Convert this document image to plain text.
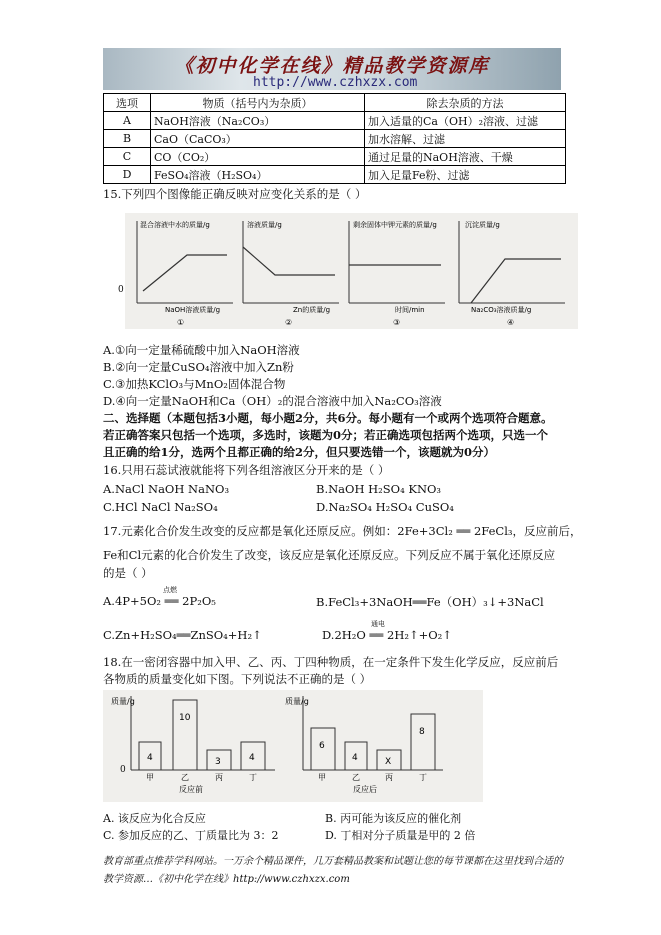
《初中化学在线》精品教学资源库
http://www.czhxzx.com
选项	物质（括号内为杂质）	除去杂质的方法
A	NaOH溶液（Na₂CO₃）	加入适量的Ca（OH）₂溶液、过滤
B	CaO（CaCO₃）	加水溶解、过滤
C	CO（CO₂）	通过足量的NaOH溶液、干燥
D	FeSO₄溶液（H₂SO₄）	加入足量Fe粉、过滤
15.下列四个图像能正确反映对应变化关系的是（ ）
混合溶液中水的质量/g
NaOH溶液质量/g
①
溶液质量/g
Zn的质量/g
②
剩余固体中钾元素的质量/g
时间/min
③
沉淀质量/g
Na₂CO₃溶液质量/g
④
0
A.①向一定量稀硫酸中加入NaOH溶液
B.②向一定量CuSO₄溶液中加入Zn粉
C.③加热KClO₃与MnO₂固体混合物
D.④向一定量NaOH和Ca（OH）₂的混合溶液中加入Na₂CO₃溶液
二、选择题（本题包括3小题，每小题2分，共6分。每小题有一个或两个选项符合题意。
若正确答案只包括一个选项，多选时，该题为0分；若正确选项包括两个选项，只选一个
且正确的给1分，选两个且都正确的给2分，但只要选错一个，该题就为0分）
16.只用石蕊试液就能将下列各组溶液区分开来的是（ ）
A.NaCl NaOH NaNO₃	B.NaOH H₂SO₄ KNO₃
C.HCl NaCl Na₂SO₄	D.Na₂SO₄ H₂SO₄ CuSO₄
17.元素化合价发生改变的反应都是氧化还原反应。例如：2Fe+3Cl₂ ══ 2FeCl₃，反应前后，
Fe和Cl元素的化合价发生了改变，该反应是氧化还原反应。下列反应不属于氧化还原反应
的是（ ）
A.4P+5O₂ ══ 2P₂O₅
点燃
B.FeCl₃+3NaOH══Fe（OH）₃↓+3NaCl
C.Zn+H₂SO₄══ZnSO₄+H₂↑	D.2H₂O ══ 2H₂↑+O₂↑
通电
18.在一密闭容器中加入甲、乙、丙、丁四种物质，在一定条件下发生化学反应，反应前后
各物质的质量变化如下图。下列说法不正确的是（ ）
质量/g
4
10
3	4
甲	乙	丙	丁
反应前
质量/g
6
4	X
8
甲	乙	丙	丁
反应后
0
A. 该反应为化合反应	B. 丙可能为该反应的催化剂
C. 参加反应的乙、丁质量比为 3：2	D. 丁相对分子质量是甲的 2 倍
教育部重点推荐学科网站。一万余个精品课件，几万套精品教案和试题让您的每节课都在这里找到合适的
教学资源…《初中化学在线》http://www.czhxzx.com
